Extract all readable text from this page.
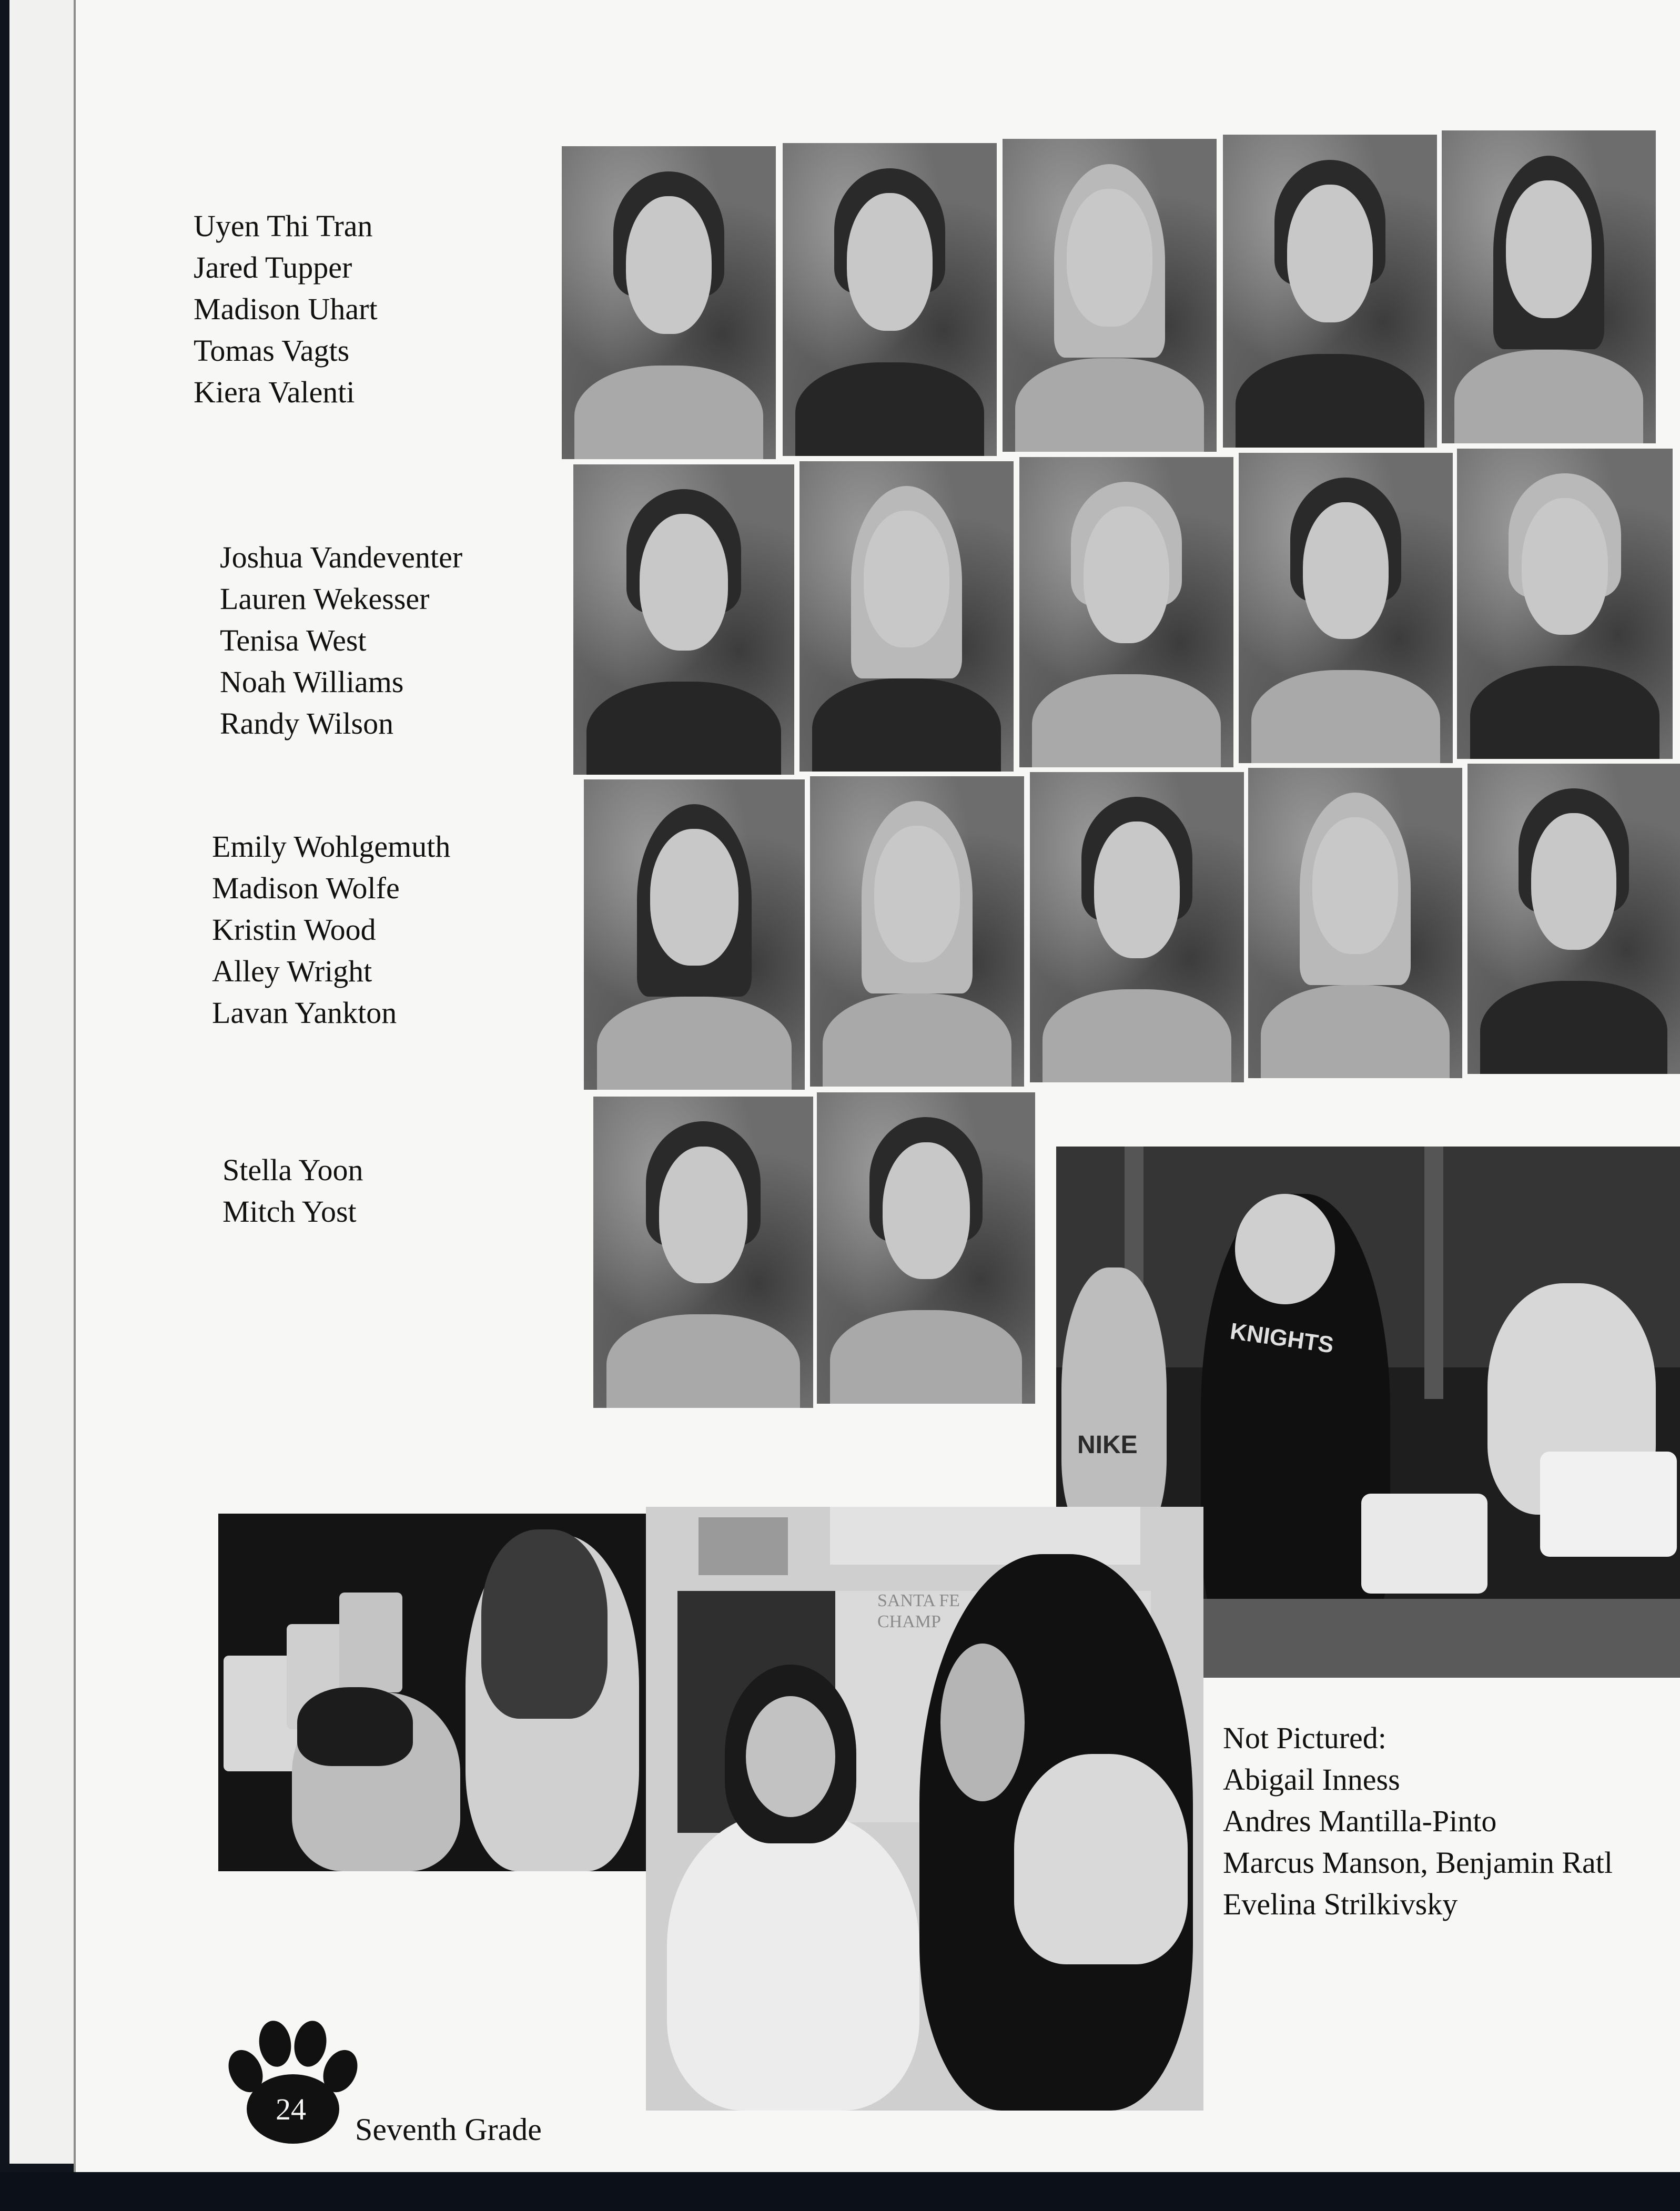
Uyen Thi Tran
Jared Tupper
Madison Uhart
Tomas Vagts
Kiera Valenti
Joshua Vandeventer
Lauren Wekesser
Tenisa West
Noah Williams
Randy Wilson
Emily Wohlgemuth
Madison Wolfe
Kristin Wood
Alley Wright
Lavan Yankton
Stella Yoon
Mitch Yost
NIKE
KNIGHTS
SANTA FE
CHAMP
Not Pictured:
Abigail Inness
Andres Mantilla-Pinto
Marcus Manson, Benjamin Ratl
Evelina Strilkivsky
24
Seventh Grade
